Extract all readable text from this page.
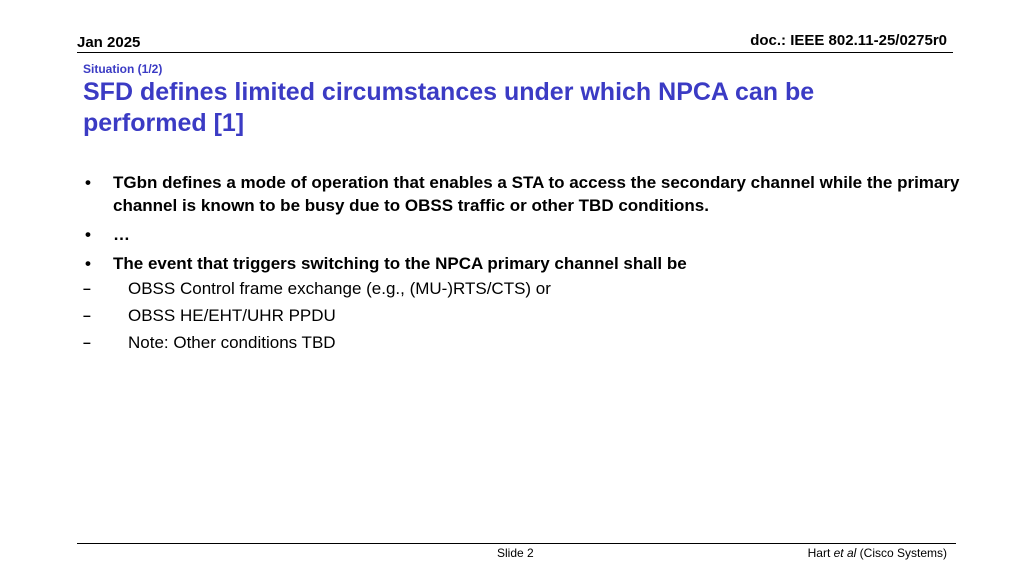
Jan 2025	doc.: IEEE 802.11-25/0275r0
Situation (1/2)
SFD defines limited circumstances under which NPCA can be performed [1]
• TGbn defines a mode of operation that enables a STA to access the secondary channel while the primary channel is known to be busy due to OBSS traffic or other TBD conditions.
• …
• The event that triggers switching to the NPCA primary channel shall be
– OBSS Control frame exchange (e.g., (MU-)RTS/CTS) or
– OBSS HE/EHT/UHR PPDU
– Note: Other conditions TBD
Slide 2	Hart et al (Cisco Systems)
